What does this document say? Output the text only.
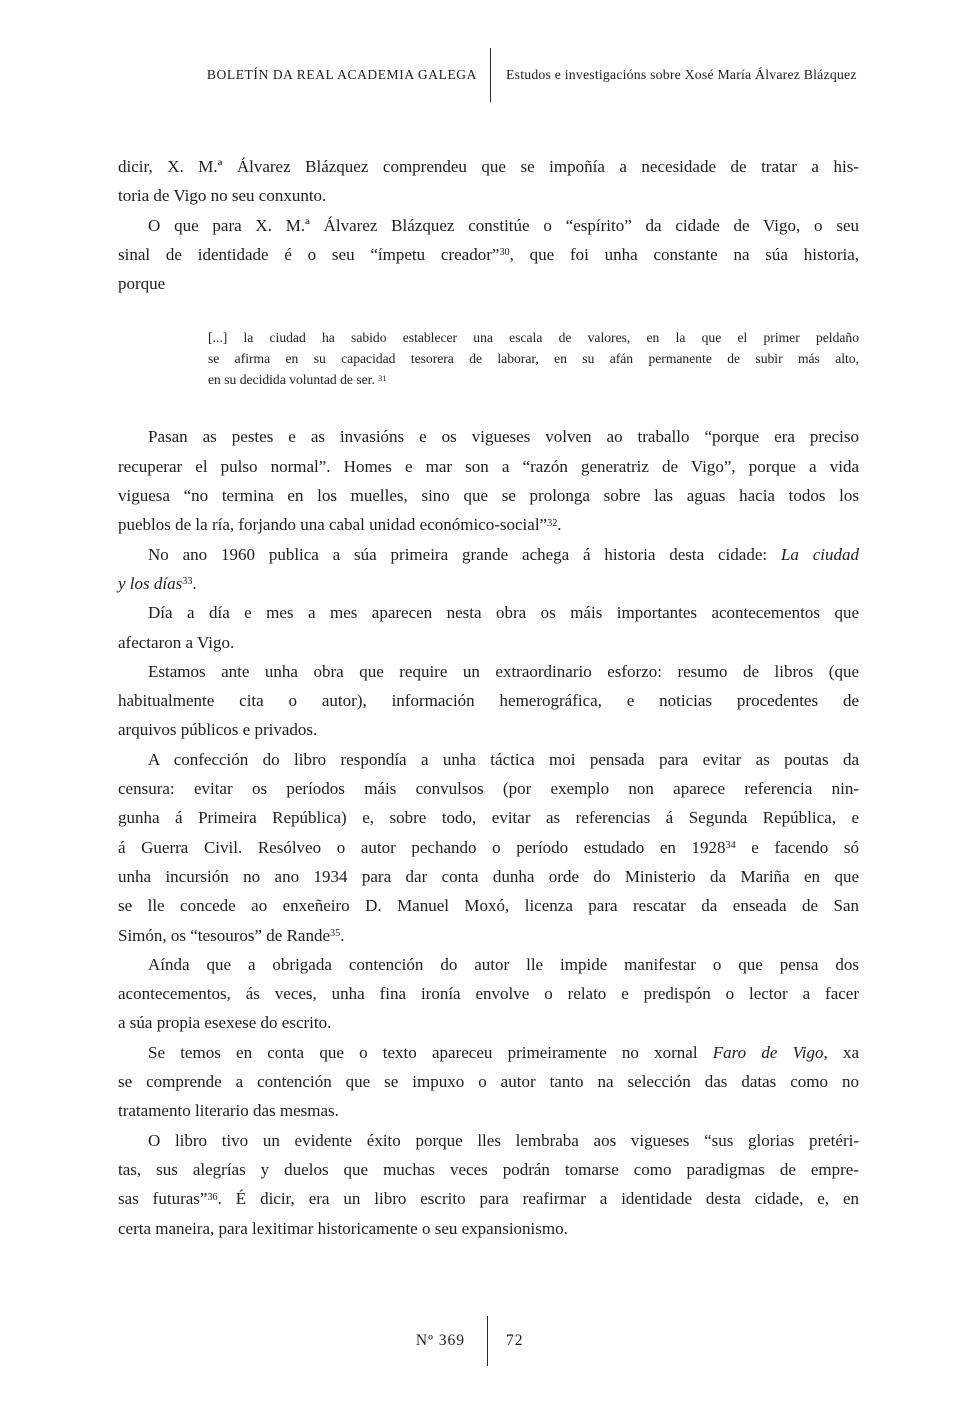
BOLETÍN DA REAL ACADEMIA GALEGA	Estudos e investigacións sobre Xosé María Álvarez Blázquez
dicir, X. M.ª Álvarez Blázquez comprendeu que se impoñía a necesidade de tratar a his-
toria de Vigo no seu conxunto.
O que para X. M.ª Álvarez Blázquez constitúe o “espírito” da cidade de Vigo, o seu
sinal de identidade é o seu “ímpetu creador”$^{30}$, que foi unha constante na súa historia,
porque
[...] la ciudad ha sabido establecer una escala de valores, en la que el primer peldaño
se afirma en su capacidad tesorera de laborar, en su afán permanente de subir más alto,
en su decidida voluntad de ser. $^{31}$
Pasan as pestes e as invasións e os vigueses volven ao traballo “porque era preciso
recuperar el pulso normal”. Homes e mar son a “razón generatriz de Vigo”, porque a vida
viguesa “no termina en los muelles, sino que se prolonga sobre las aguas hacia todos los
pueblos de la ría, forjando una cabal unidad económico-social”$^{32}$.
No ano 1960 publica a súa primeira grande achega á historia desta cidade: La ciudad
y los días$^{33}$.
Día a día e mes a mes aparecen nesta obra os máis importantes acontecementos que
afectaron a Vigo.
Estamos ante unha obra que require un extraordinario esforzo: resumo de libros (que
habitualmente cita o autor), información hemerográfica, e noticias procedentes de
arquivos públicos e privados.
A confección do libro respondía a unha táctica moi pensada para evitar as poutas da
censura: evitar os períodos máis convulsos (por exemplo non aparece referencia nin-
gunha á Primeira República) e, sobre todo, evitar as referencias á Segunda República, e
á Guerra Civil. Resólveo o autor pechando o período estudado en 1928$^{34}$ e facendo só
unha incursión no ano 1934 para dar conta dunha orde do Ministerio da Mariña en que
se lle concede ao enxeñeiro D. Manuel Moxó, licenza para rescatar da enseada de San
Simón, os “tesouros” de Rande$^{35}$.
Aínda que a obrigada contención do autor lle impide manifestar o que pensa dos
acontecementos, ás veces, unha fina ironía envolve o relato e predispón o lector a facer
a súa propia esexese do escrito.
Se temos en conta que o texto apareceu primeiramente no xornal Faro de Vigo, xa
se comprende a contención que se impuxo o autor tanto na selección das datas como no
tratamento literario das mesmas.
O libro tivo un evidente éxito porque lles lembraba aos vigueses “sus glorias pretéri-
tas, sus alegrías y duelos que muchas veces podrán tomarse como paradigmas de empre-
sas futuras”$^{36}$. É dicir, era un libro escrito para reafirmar a identidade desta cidade, e, en
certa maneira, para lexitimar historicamente o seu expansionismo.
Nº 369	72
